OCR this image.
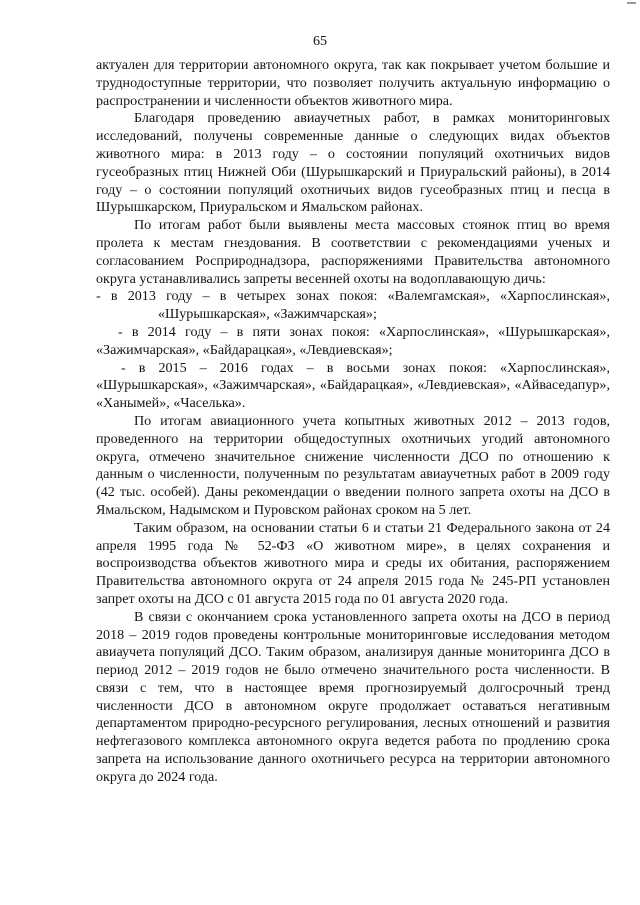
65

актуален для территории автономного округа, так как покрывает учетом большие и труднодоступные территории, что позволяет получить актуальную информацию о распространении и численности объектов животного мира.

Благодаря проведению авиаучетных работ, в рамках мониторинговых исследований, получены современные данные о следующих видах объектов животного мира: в 2013 году – о состоянии популяций охотничьих видов гусеобразных птиц Нижней Оби (Шурышкарский и Приуральский районы), в 2014 году – о состоянии популяций охотничьих видов гусеобразных птиц и песца в Шурышкарском, Приуральском и Ямальском районах.

По итогам работ были выявлены места массовых стоянок птиц во время пролета к местам гнездования. В соответствии с рекомендациями ученых и согласованием Росприроднадзора, распоряжениями Правительства автономного округа устанавливались запреты весенней охоты на водоплавающую дичь:

- в 2013 году – в четырех зонах покоя: «Валемгамская», «Харпослинская», «Шурышкарская», «Зажимчарская»;

- в 2014 году – в пяти зонах покоя: «Харпослинская», «Шурышкарская», «Зажимчарская», «Байдарацкая», «Левдиевская»;

- в 2015 – 2016 годах – в восьми зонах покоя: «Харпослинская», «Шурышкарская», «Зажимчарская», «Байдарацкая», «Левдиевская», «Айваседапур», «Ханымей», «Часелька».

По итогам авиационного учета копытных животных 2012 – 2013 годов, проведенного на территории общедоступных охотничьих угодий автономного округа, отмечено значительное снижение численности ДСО по отношению к данным о численности, полученным по результатам авиаучетных работ в 2009 году (42 тыс. особей). Даны рекомендации о введении полного запрета охоты на ДСО в Ямальском, Надымском и Пуровском районах сроком на 5 лет.

Таким образом, на основании статьи 6 и статьи 21 Федерального закона от 24 апреля 1995 года № 52-ФЗ «О животном мире», в целях сохранения и воспроизводства объектов животного мира и среды их обитания, распоряжением Правительства автономного округа от 24 апреля 2015 года № 245-РП установлен запрет охоты на ДСО с 01 августа 2015 года по 01 августа 2020 года.

В связи с окончанием срока установленного запрета охоты на ДСО в период 2018 – 2019 годов проведены контрольные мониторинговые исследования методом авиаучета популяций ДСО. Таким образом, анализируя данные мониторинга ДСО в период 2012 – 2019 годов не было отмечено значительного роста численности. В связи с тем, что в настоящее время прогнозируемый долгосрочный тренд численности ДСО в автономном округе продолжает оставаться негативным департаментом природно-ресурсного регулирования, лесных отношений и развития нефтегазового комплекса автономного округа ведется работа по продлению срока запрета на использование данного охотничьего ресурса на территории автономного округа до 2024 года.
